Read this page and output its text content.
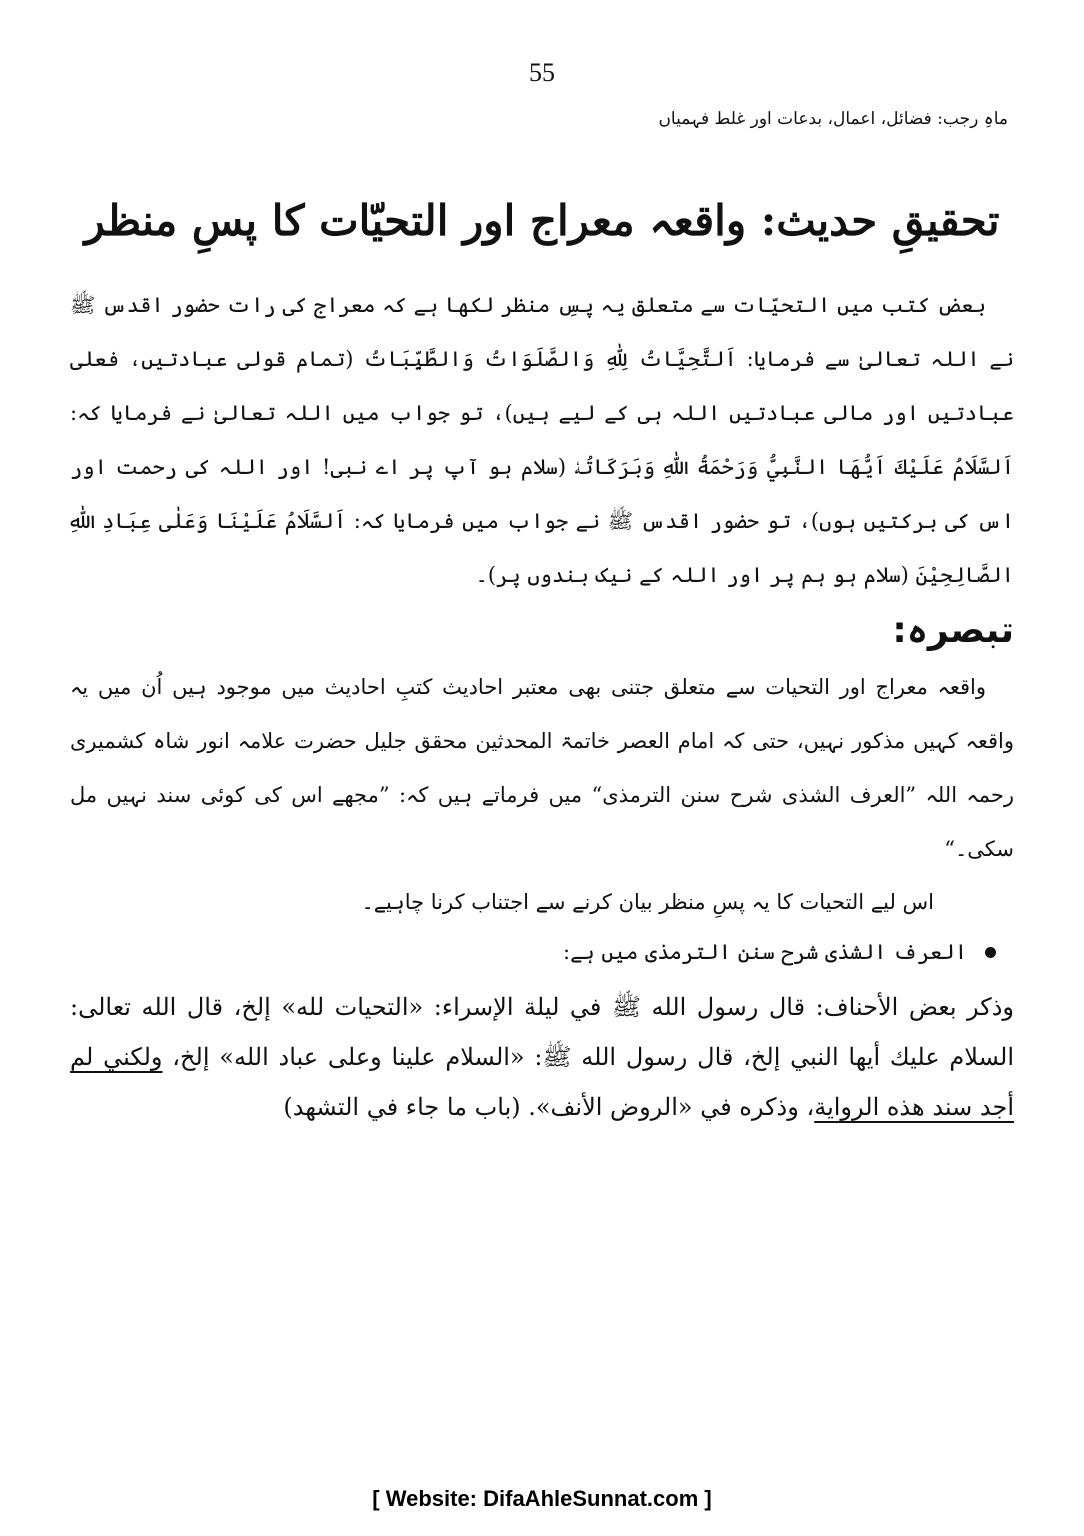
55
ماہِ رجب: فضائل، اعمال، بدعات اور غلط فہمیاں
تحقیقِ حدیث: واقعہ معراج اور التحیّات کا پسِ منظر

بعض کتب میں التحیّات سے متعلق یہ پسِ منظر لکھا ہے کہ معراج کی رات حضور اقدس ﷺ نے اللہ تعالیٰ سے فرمایا: اَلتَّحِيَّاتُ لِلّٰهِ وَالصَّلَوَاتُ وَالطَّيِّبَاتُ (تمام قولی عبادتیں، فعلی عبادتیں اور مالی عبادتیں اللہ ہی کے لیے ہیں)، تو جواب میں اللہ تعالیٰ نے فرمایا کہ: اَلسَّلَامُ عَلَيْكَ اَيُّهَا النَّبِيُّ وَرَحْمَةُ اللّٰهِ وَبَرَكَاتُهٗ (سلام ہو آپ پر اے نبی! اور اللہ کی رحمت اور اس کی برکتیں ہوں)، تو حضور اقدس ﷺ نے جواب میں فرمایا کہ: اَلسَّلَامُ عَلَيْنَا وَعَلٰى عِبَادِ اللّٰهِ الصَّالِحِيْنَ (سلام ہو ہم پر اور اللہ کے نیک بندوں پر)۔

تبصرہ:

واقعہ معراج اور التحیات سے متعلق جتنی بھی معتبر احادیث کتبِ احادیث میں موجود ہیں اُن میں یہ واقعہ کہیں مذکور نہیں، حتی کہ امام العصر خاتمۃ المحدثین محقق جلیل حضرت علامہ انور شاہ کشمیری رحمہ اللہ ”العرف الشذی شرح سنن الترمذی“ میں فرماتے ہیں کہ: ”مجھے اس کی کوئی سند نہیں مل سکی۔“

اس لیے التحیات کا یہ پسِ منظر بیان کرنے سے اجتناب کرنا چاہیے۔

العرف الشذی شرح سنن الترمذی میں ہے:

وذكر بعض الأحناف: قال رسول الله ﷺ في ليلة الإسراء: «التحيات لله» إلخ، قال الله تعالى: السلام عليك أيها النبي إلخ، قال رسول الله ﷺ: «السلام علينا وعلى عباد الله» إلخ، ولكني لم أجد سند هذه الرواية، وذكره في «الروض الأنف». (باب ما جاء في التشهد)

[ Website: DifaAhleSunnat.com ]
